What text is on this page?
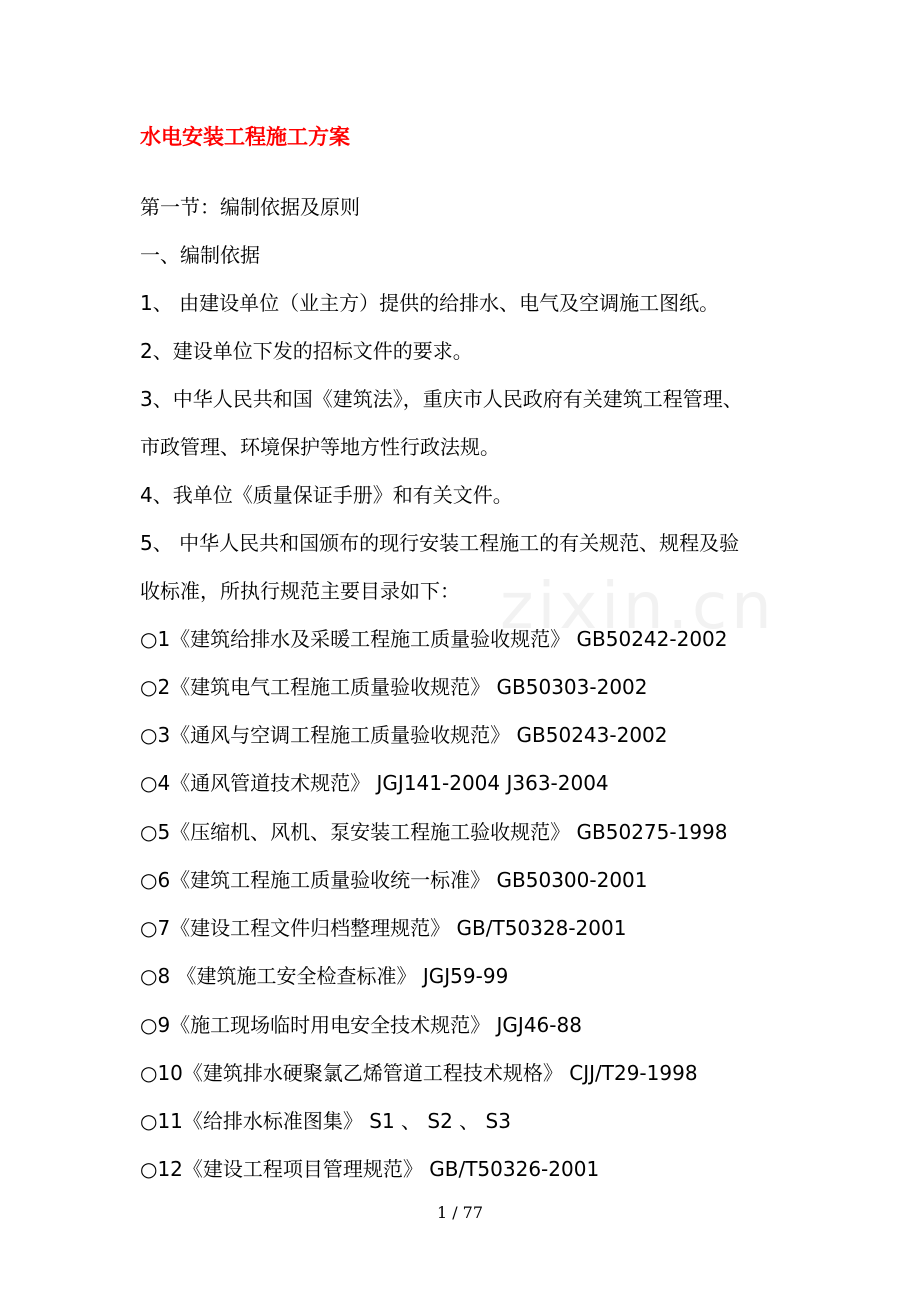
zixin.cn
水电安装工程施工方案
第一节：编制依据及原则
一、编制依据
1、 由建设单位（业主方）提供的给排水、电气及空调施工图纸。
2、建设单位下发的招标文件的要求。
3、中华人民共和国《建筑法》，重庆市人民政府有关建筑工程管理、
市政管理、环境保护等地方性行政法规。
4、我单位《质量保证手册》和有关文件。
5、 中华人民共和国颁布的现行安装工程施工的有关规范、规程及验
收标准，所执行规范主要目录如下：
○1《建筑给排水及采暖工程施工质量验收规范》 GB50242-2002
○2《建筑电气工程施工质量验收规范》 GB50303-2002
○3《通风与空调工程施工质量验收规范》 GB50243-2002
○4《通风管道技术规范》 JGJ141-2004 J363-2004
○5《压缩机、风机、泵安装工程施工验收规范》 GB50275-1998
○6《建筑工程施工质量验收统一标准》 GB50300-2001
○7《建设工程文件归档整理规范》 GB/T50328-2001
○8 《建筑施工安全检查标准》 JGJ59-99
○9《施工现场临时用电安全技术规范》 JGJ46-88
○10《建筑排水硬聚氯乙烯管道工程技术规格》 CJJ/T29-1998
○11《给排水标准图集》 S1 、 S2 、 S3
○12《建设工程项目管理规范》 GB/T50326-2001
1 / 77
